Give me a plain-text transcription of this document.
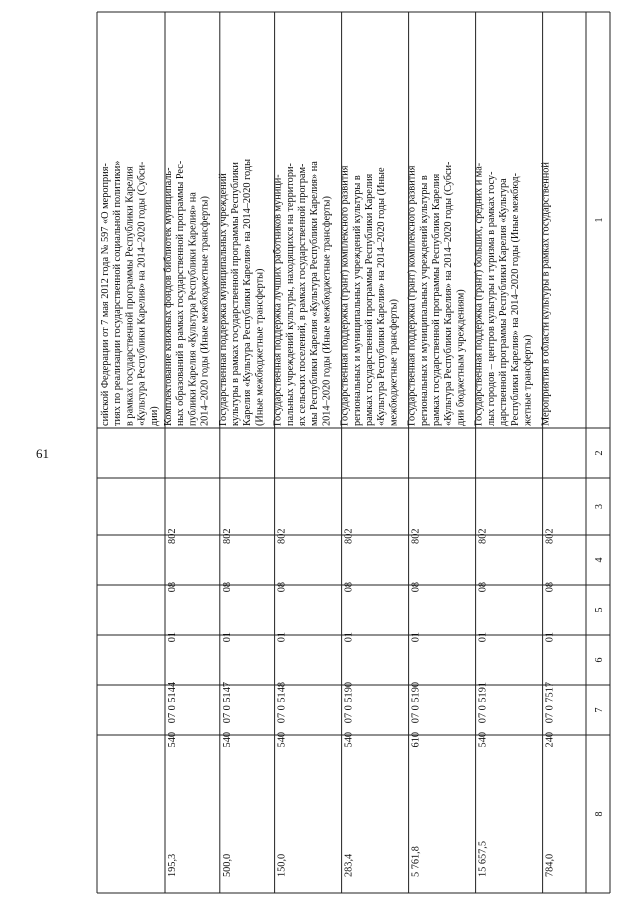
61
1
2
3
4
5
6
7
8
сийской Федерации от 7 мая 2012 года № 597 «О мероприя- тиях по реализации государственной социальной политики» в рамках государственной программы Республики Карелия «Культура Республики Карелия» на 2014–2020 годы (Субси- дии) Комплектование книжных фондов библиотек муниципаль- ных образований в рамках государственной программы Рес- публики Карелия «Культура Республики Карелия» на 2014–2020 годы (Иные межбюджетные трансферты)
802
08
01
07 0 5144
540
195,3
Государственная поддержка муниципальных учреждений культуры в рамках государственной программы Республики Карелия «Культура Республики Карелия» на 2014–2020 годы (Иные межбюджетные трансферты)
802
08
01
07 0 5147
540
500,0
Государственная поддержка лучших работников муници- пальных учреждений культуры, находящихся на территори- ях сельских поселений, в рамках государственной програм- мы Республики Карелия «Культура Республики Карелия» на 2014–2020 годы (Иные межбюджетные трансферты)
802
08
01
07 0 5148
540
150,0
Государственная поддержка (грант) комплексного развития региональных и муниципальных учреждений культуры в рамках государственной программы Республики Карелия «Культура Республики Карелия» на 2014–2020 годы (Иные межбюджетные трансферты)
802
08
01
07 0 5190
540
283,4
Государственная поддержка (грант) комплексного развития региональных и муниципальных учреждений культуры в рамках государственной программы Республики Карелия «Культура Республики Карелия» на 2014–2020 годы (Субси- дии бюджетным учреждениям)
802
08
01
07 0 5190
610
5 761,8
Государственная поддержка (грант) больших, средних и ма- лых городов – центров культуры и туризма в рамках госу- дарственной программы Республики Карелия «Культура Республики Карелия» на 2014–2020 годы (Иные межбюд- жетные трансферты)
802
08
01
07 0 5191
540
15 657,5
Мероприятия в области культуры в рамках государственной
802
08
01
07 0 7517
240
784,0
